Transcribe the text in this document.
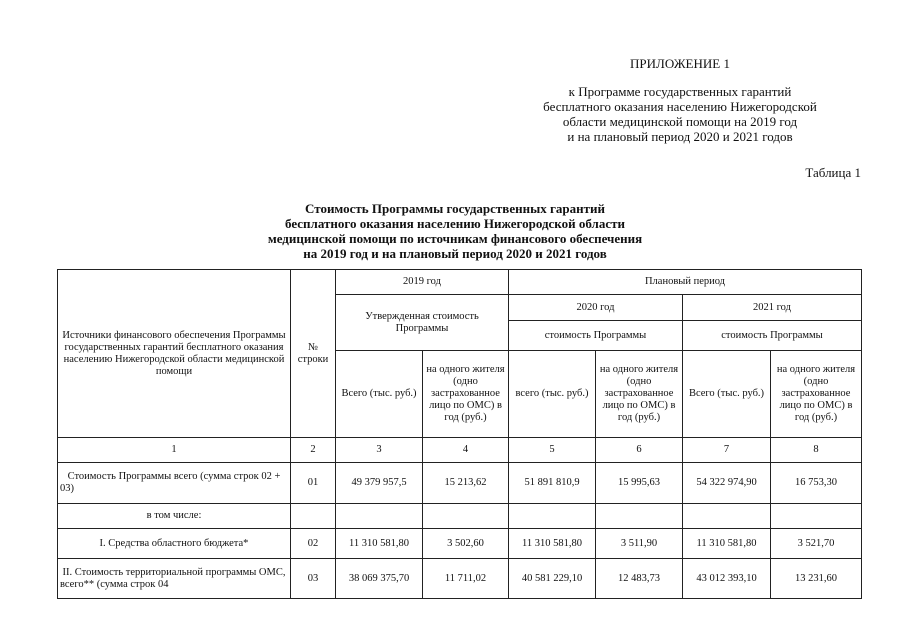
ПРИЛОЖЕНИЕ 1
к Программе государственных гарантий
бесплатного оказания населению Нижегородской
области медицинской помощи на 2019 год
и на плановый период 2020 и 2021 годов
Таблица 1
Стоимость Программы государственных гарантий
бесплатного оказания населению Нижегородской области
медицинской помощи по источникам финансового обеспечения
на 2019 год и на плановый период 2020 и 2021 годов
Источники финансового обеспечения Программы государственных гарантий бесплатного оказания населению Нижегородской области медицинской помощи	№ строки	2019 год		Плановый период			
		Утвержденная стоимость Программы		2020 год		2021 год	
				стоимость Программы		стоимость Программы	
		Всего (тыс. руб.)	на одного жителя (одно застрахованное лицо по ОМС) в год (руб.)	всего (тыс. руб.)	на одного жителя (одно застрахованное лицо по ОМС) в год (руб.)	Всего (тыс. руб.)	на одного жителя (одно застрахованное лицо по ОМС) в год (руб.)
1	2	3	4	5	6	7	8
Стоимость Программы всего (сумма строк 02 + 03)	01	49 379 957,5	15 213,62	51 891 810,9	15 995,63	54 322 974,90	16 753,30
в том числе:							
I. Средства областного бюджета*	02	11 310 581,80	3 502,60	11 310 581,80	3 511,90	11 310 581,80	3 521,70
II. Стоимость территориальной программы ОМС, всего** (сумма строк 04	03	38 069 375,70	11 711,02	40 581 229,10	12 483,73	43 012 393,10	13 231,60
